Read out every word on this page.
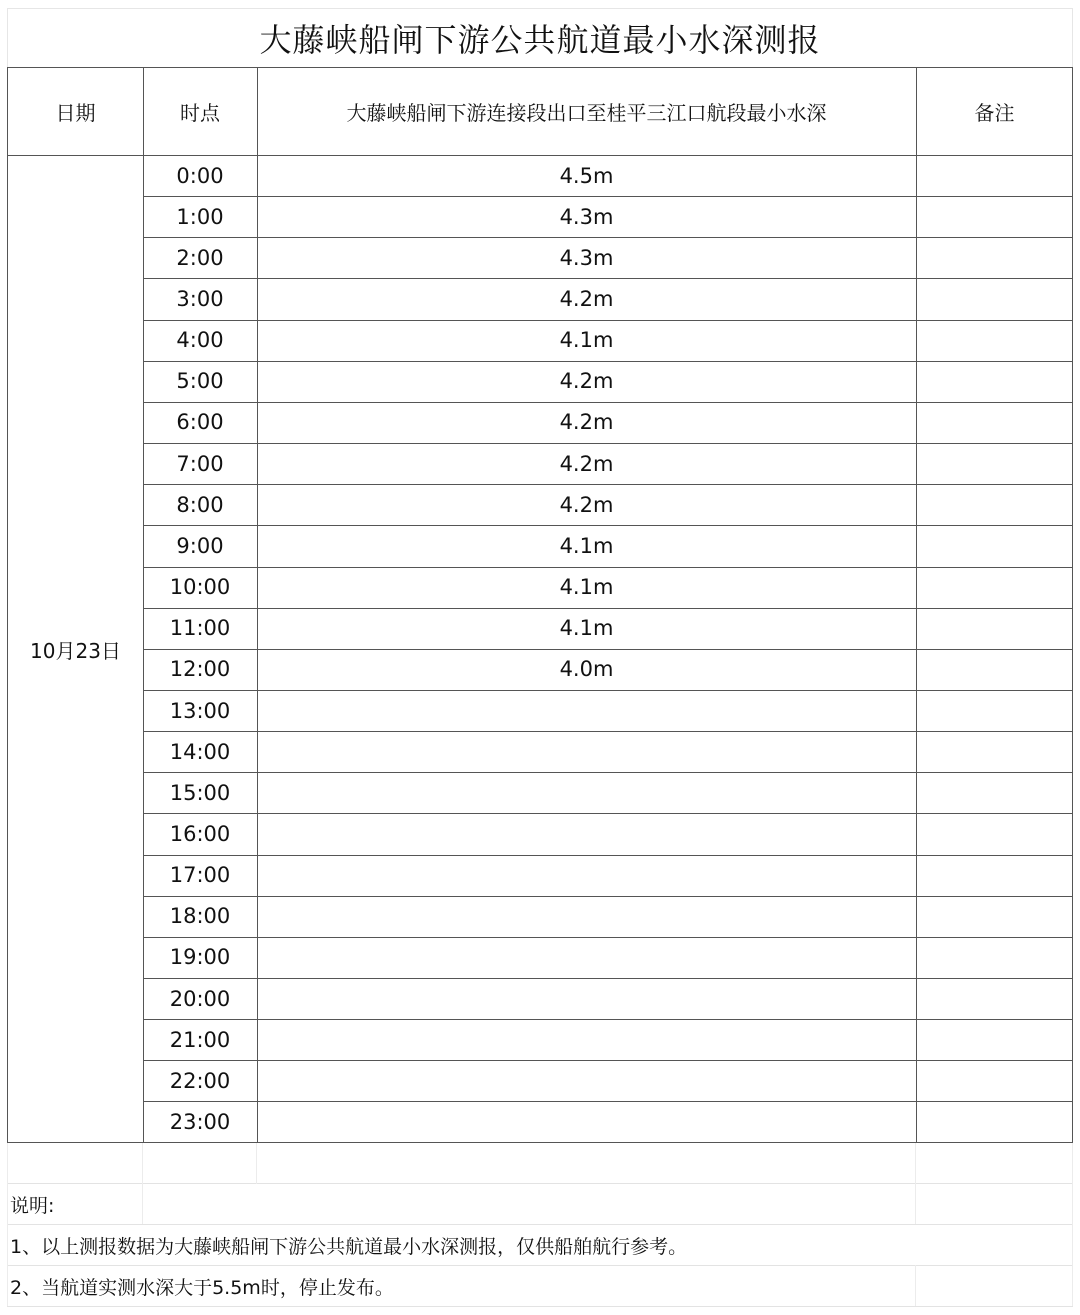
大藤峡船闸下游公共航道最小水深测报
日期	时点	大藤峡船闸下游连接段出口至桂平三江口航段最小水深	备注
10月23日
0:00	4.5m
1:00	4.3m
2:00	4.3m
3:00	4.2m
4:00	4.1m
5:00	4.2m
6:00	4.2m
7:00	4.2m
8:00	4.2m
9:00	4.1m
10:00	4.1m
11:00	4.1m
12:00	4.0m
13:00
14:00
15:00
16:00
17:00
18:00
19:00
20:00
21:00
22:00
23:00
说明:
1、以上测报数据为大藤峡船闸下游公共航道最小水深测报，仅供船舶航行参考。
2、当航道实测水深大于5.5m时，停止发布。
